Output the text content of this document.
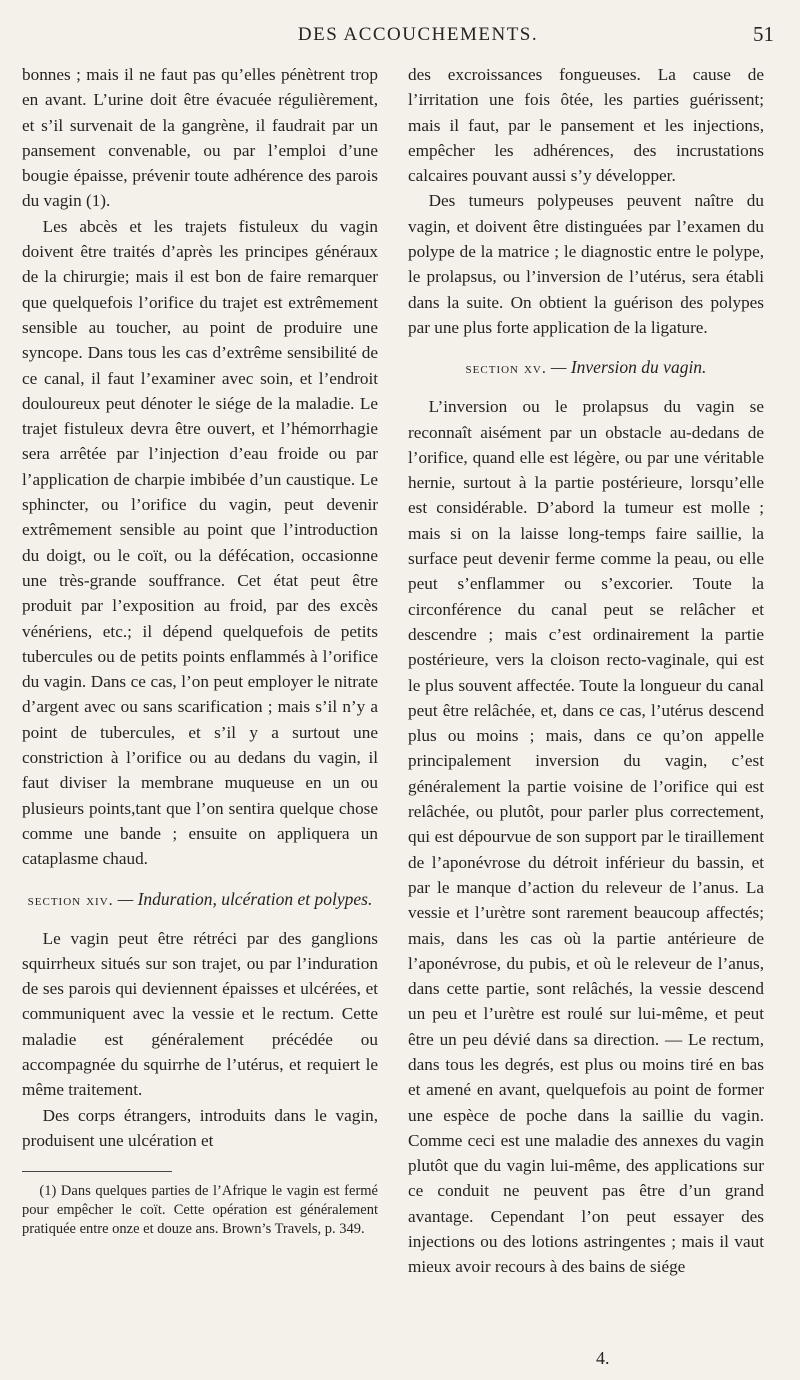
DES ACCOUCHEMENTS.	51

bonnes ; mais il ne faut pas qu’elles pénètrent trop en avant. L’urine doit être évacuée régulièrement, et s’il survenait de la gangrène, il faudrait par un pansement convenable, ou par l’emploi d’une bougie épaisse, prévenir toute adhérence des parois du vagin (1).

Les abcès et les trajets fistuleux du vagin doivent être traités d’après les principes généraux de la chirurgie; mais il est bon de faire remarquer que quelquefois l’orifice du trajet est extrêmement sensible au toucher, au point de produire une syncope. Dans tous les cas d’extrême sensibilité de ce canal, il faut l’examiner avec soin, et l’endroit douloureux peut dénoter le siége de la maladie. Le trajet fistuleux devra être ouvert, et l’hémorrhagie sera arrêtée par l’injection d’eau froide ou par l’application de charpie imbibée d’un caustique. Le sphincter, ou l’orifice du vagin, peut devenir extrêmement sensible au point que l’introduction du doigt, ou le coït, ou la défécation, occasionne une très-grande souffrance. Cet état peut être produit par l’exposition au froid, par des excès vénériens, etc.; il dépend quelquefois de petits tubercules ou de petits points enflammés à l’orifice du vagin. Dans ce cas, l’on peut employer le nitrate d’argent avec ou sans scarification ; mais s’il n’y a point de tubercules, et s’il y a surtout une constriction à l’orifice ou au dedans du vagin, il faut diviser la membrane muqueuse en un ou plusieurs points,tant que l’on sentira quelque chose comme une bande ; ensuite on appliquera un cataplasme chaud.

section xiv. — Induration, ulcération et polypes.

Le vagin peut être rétréci par des ganglions squirrheux situés sur son trajet, ou par l’induration de ses parois qui deviennent épaisses et ulcérées, et communiquent avec la vessie et le rectum. Cette maladie est généralement précédée ou accompagnée du squirrhe de l’utérus, et requiert le même traitement.

Des corps étrangers, introduits dans le vagin, produisent une ulcération et

(1) Dans quelques parties de l’Afrique le vagin est fermé pour empêcher le coït. Cette opération est généralement pratiquée entre onze et douze ans. Brown’s Travels, p. 349.

des excroissances fongueuses. La cause de l’irritation une fois ôtée, les parties guérissent; mais il faut, par le pansement et les injections, empêcher les adhérences, des incrustations calcaires pouvant aussi s’y développer.

Des tumeurs polypeuses peuvent naître du vagin, et doivent être distinguées par l’examen du polype de la matrice ; le diagnostic entre le polype, le prolapsus, ou l’inversion de l’utérus, sera établi dans la suite. On obtient la guérison des polypes par une plus forte application de la ligature.

section xv. — Inversion du vagin.

L’inversion ou le prolapsus du vagin se reconnaît aisément par un obstacle au-dedans de l’orifice, quand elle est légère, ou par une véritable hernie, surtout à la partie postérieure, lorsqu’elle est considérable. D’abord la tumeur est molle ; mais si on la laisse long-temps faire saillie, la surface peut devenir ferme comme la peau, ou elle peut s’enflammer ou s’excorier. Toute la circonférence du canal peut se relâcher et descendre ; mais c’est ordinairement la partie postérieure, vers la cloison recto-vaginale, qui est le plus souvent affectée. Toute la longueur du canal peut être relâchée, et, dans ce cas, l’utérus descend plus ou moins ; mais, dans ce qu’on appelle principalement inversion du vagin, c’est généralement la partie voisine de l’orifice qui est relâchée, ou plutôt, pour parler plus correctement, qui est dépourvue de son support par le tiraillement de l’aponévrose du détroit inférieur du bassin, et par le manque d’action du releveur de l’anus. La vessie et l’urètre sont rarement beaucoup affectés; mais, dans les cas où la partie antérieure de l’aponévrose, du pubis, et où le releveur de l’anus, dans cette partie, sont relâchés, la vessie descend un peu et l’urètre est roulé sur lui-même, et peut être un peu dévié dans sa direction. — Le rectum, dans tous les degrés, est plus ou moins tiré en bas et amené en avant, quelquefois au point de former une espèce de poche dans la saillie du vagin. Comme ceci est une maladie des annexes du vagin plutôt que du vagin lui-même, des applications sur ce conduit ne peuvent pas être d’un grand avantage. Cependant l’on peut essayer des injections ou des lotions astringentes ; mais il vaut mieux avoir recours à des bains de siége

4.
